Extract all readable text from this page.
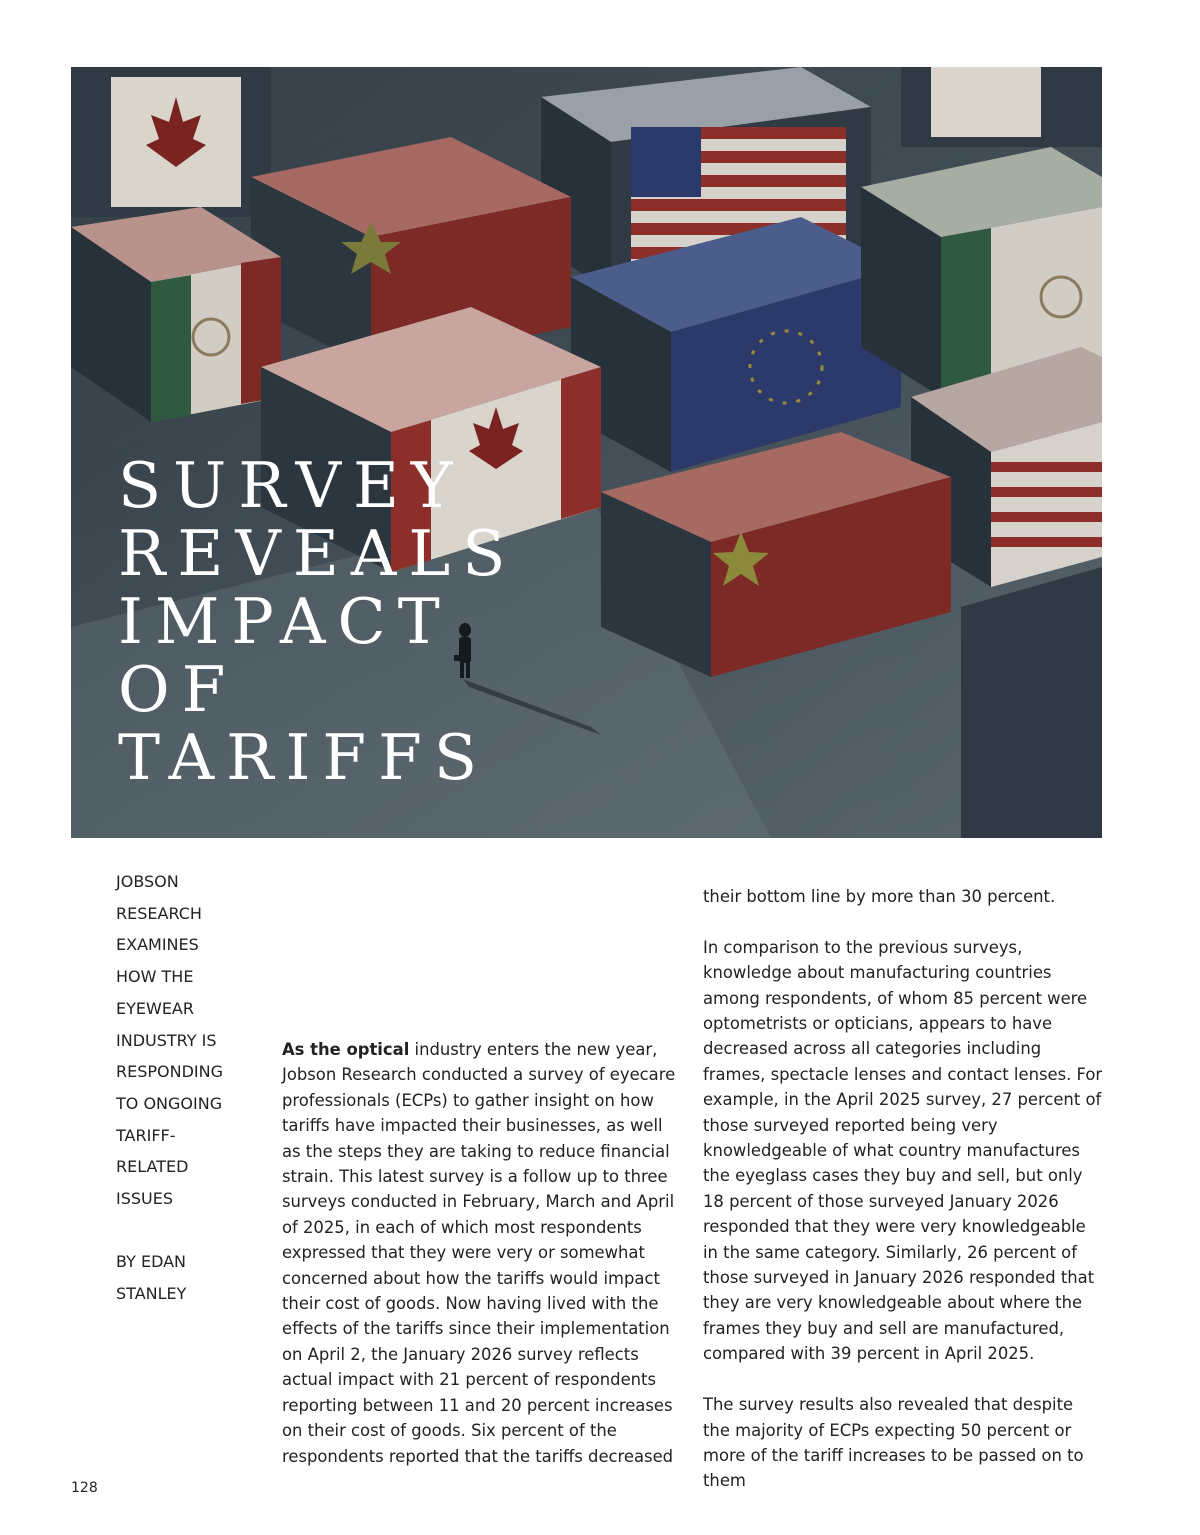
SURVEY
REVEALS
IMPACT
OF
TARIFFS

JOBSON

RESEARCH

EXAMINES

HOW THE

EYEWEAR

INDUSTRY IS

RESPONDING

TO ONGOING

TARIFF-

RELATED

ISSUES

BY EDAN

STANLEY

As the optical industry enters the new year, Jobson Research conducted a survey of eyecare professionals (ECPs) to gather insight on how tariffs have impacted their businesses, as well as the steps they are taking to reduce financial strain. This latest survey is a follow up to three surveys conducted in February, March and April of 2025, in each of which most respondents expressed that they were very or somewhat concerned about how the tariffs would impact their cost of goods. Now having lived with the effects of the tariffs since their implementation on April 2, the January 2026 survey reflects actual impact with 21 percent of respondents reporting between 11 and 20 percent increases on their cost of goods. Six percent of the respondents reported that the tariffs decreased

their bottom line by more than 30 percent.

In comparison to the previous surveys, knowledge about manufacturing countries among respondents, of whom 85 percent were optometrists or opticians, appears to have decreased across all categories including frames, spectacle lenses and contact lenses. For example, in the April 2025 survey, 27 percent of those surveyed reported being very knowledgeable of what country manufactures the eyeglass cases they buy and sell, but only 18 percent of those surveyed January 2026 responded that they were very knowledgeable in the same category. Similarly, 26 percent of those surveyed in January 2026 responded that they are very knowledgeable about where the frames they buy and sell are manufactured, compared with 39 percent in April 2025.

The survey results also revealed that despite the majority of ECPs expecting 50 percent or more of the tariff increases to be passed on to them

128
